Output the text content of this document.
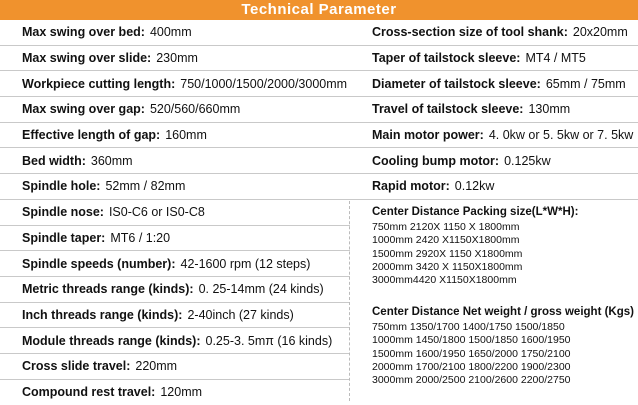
Technical Parameter
Max swing over bed: 400mm
Max swing over slide: 230mm
Workpiece cutting length: 750/1000/1500/2000/3000mm
Max swing over gap: 520/560/660mm
Effective length of gap: 160mm
Bed width: 360mm
Spindle hole: 52mm / 82mm
Spindle nose: IS0-C6 or IS0-C8
Spindle taper: MT6 / 1:20
Spindle speeds (number): 42-1600 rpm (12 steps)
Metric threads range (kinds): 0. 25-14mm (24 kinds)
Inch threads range (kinds): 2-40inch (27 kinds)
Module threads range (kinds): 0.25-3. 5mπ (16 kinds)
Cross slide travel: 220mm
Compound rest travel: 120mm
Cross-section size of tool shank: 20x20mm
Taper of tailstock sleeve: MT4 / MT5
Diameter of tailstock sleeve: 65mm / 75mm
Travel of tailstock sleeve: 130mm
Main motor power: 4. 0kw or 5. 5kw or 7. 5kw
Cooling bump motor: 0.125kw
Rapid motor: 0.12kw
Center Distance Packing size(L*W*H):
750mm 2120X 1150 X 1800mm
1000mm 2420 X1150X1800mm
1500mm 2920X 1150 X1800mm
2000mm 3420 X 1150X1800mm
3000mm4420 X1150X1800mm
Center Distance Net weight / gross weight (Kgs)
750mm 1350/1700 1400/1750 1500/1850
1000mm 1450/1800 1500/1850 1600/1950
1500mm 1600/1950 1650/2000 1750/2100
2000mm 1700/2100 1800/2200 1900/2300
3000mm 2000/2500 2100/2600 2200/2750
